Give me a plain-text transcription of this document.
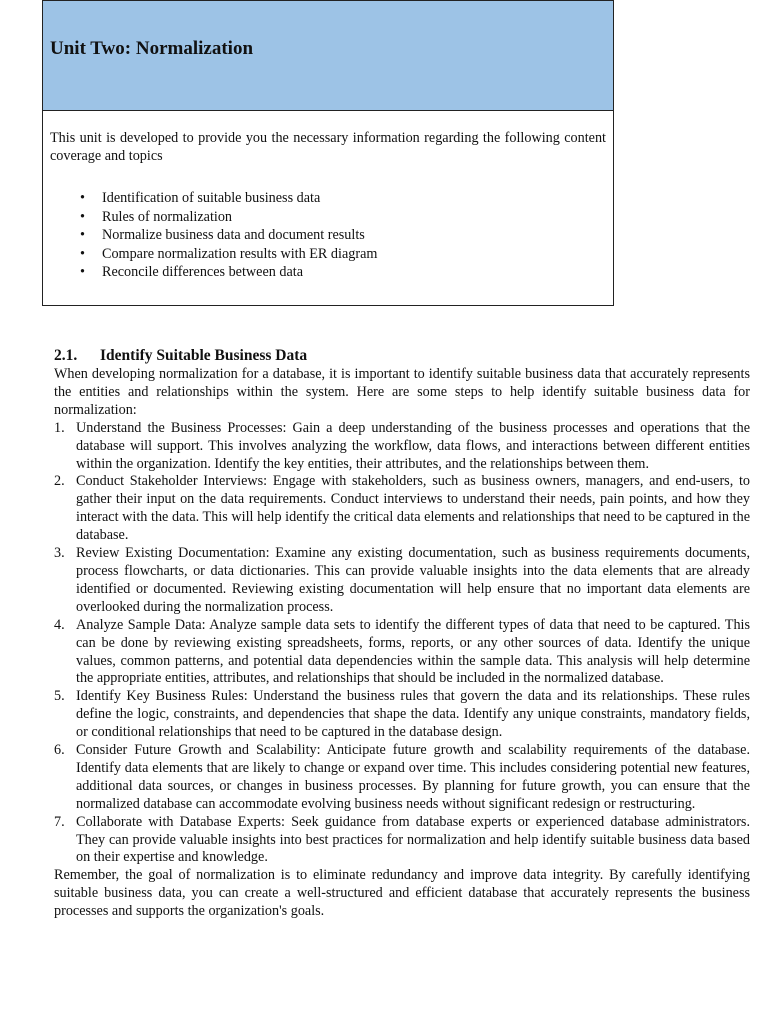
Unit Two: Normalization

This unit is developed to provide you the necessary information regarding the following content coverage and topics

• Identification of suitable business data
• Rules of normalization
• Normalize business data and document results
• Compare normalization results with ER diagram
• Reconcile differences between data
2.1.	Identify Suitable Business Data

When developing normalization for a database, it is important to identify suitable business data that accurately represents the entities and relationships within the system. Here are some steps to help identify suitable business data for normalization:

1. Understand the Business Processes: Gain a deep understanding of the business processes and operations that the database will support. This involves analyzing the workflow, data flows, and interactions between different entities within the organization. Identify the key entities, their attributes, and the relationships between them.
2. Conduct Stakeholder Interviews: Engage with stakeholders, such as business owners, managers, and end-users, to gather their input on the data requirements. Conduct interviews to understand their needs, pain points, and how they interact with the data. This will help identify the critical data elements and relationships that need to be captured in the database.
3. Review Existing Documentation: Examine any existing documentation, such as business requirements documents, process flowcharts, or data dictionaries. This can provide valuable insights into the data elements that are already identified or documented. Reviewing existing documentation will help ensure that no important data elements are overlooked during the normalization process.
4. Analyze Sample Data: Analyze sample data sets to identify the different types of data that need to be captured. This can be done by reviewing existing spreadsheets, forms, reports, or any other sources of data. Identify the unique values, common patterns, and potential data dependencies within the sample data. This analysis will help determine the appropriate entities, attributes, and relationships that should be included in the normalized database.
5. Identify Key Business Rules: Understand the business rules that govern the data and its relationships. These rules define the logic, constraints, and dependencies that shape the data. Identify any unique constraints, mandatory fields, or conditional relationships that need to be captured in the database design.
6. Consider Future Growth and Scalability: Anticipate future growth and scalability requirements of the database. Identify data elements that are likely to change or expand over time. This includes considering potential new features, additional data sources, or changes in business processes. By planning for future growth, you can ensure that the normalized database can accommodate evolving business needs without significant redesign or restructuring.
7. Collaborate with Database Experts: Seek guidance from database experts or experienced database administrators. They can provide valuable insights into best practices for normalization and help identify suitable business data based on their expertise and knowledge.

Remember, the goal of normalization is to eliminate redundancy and improve data integrity. By carefully identifying suitable business data, you can create a well-structured and efficient database that accurately represents the business processes and supports the organization's goals.
